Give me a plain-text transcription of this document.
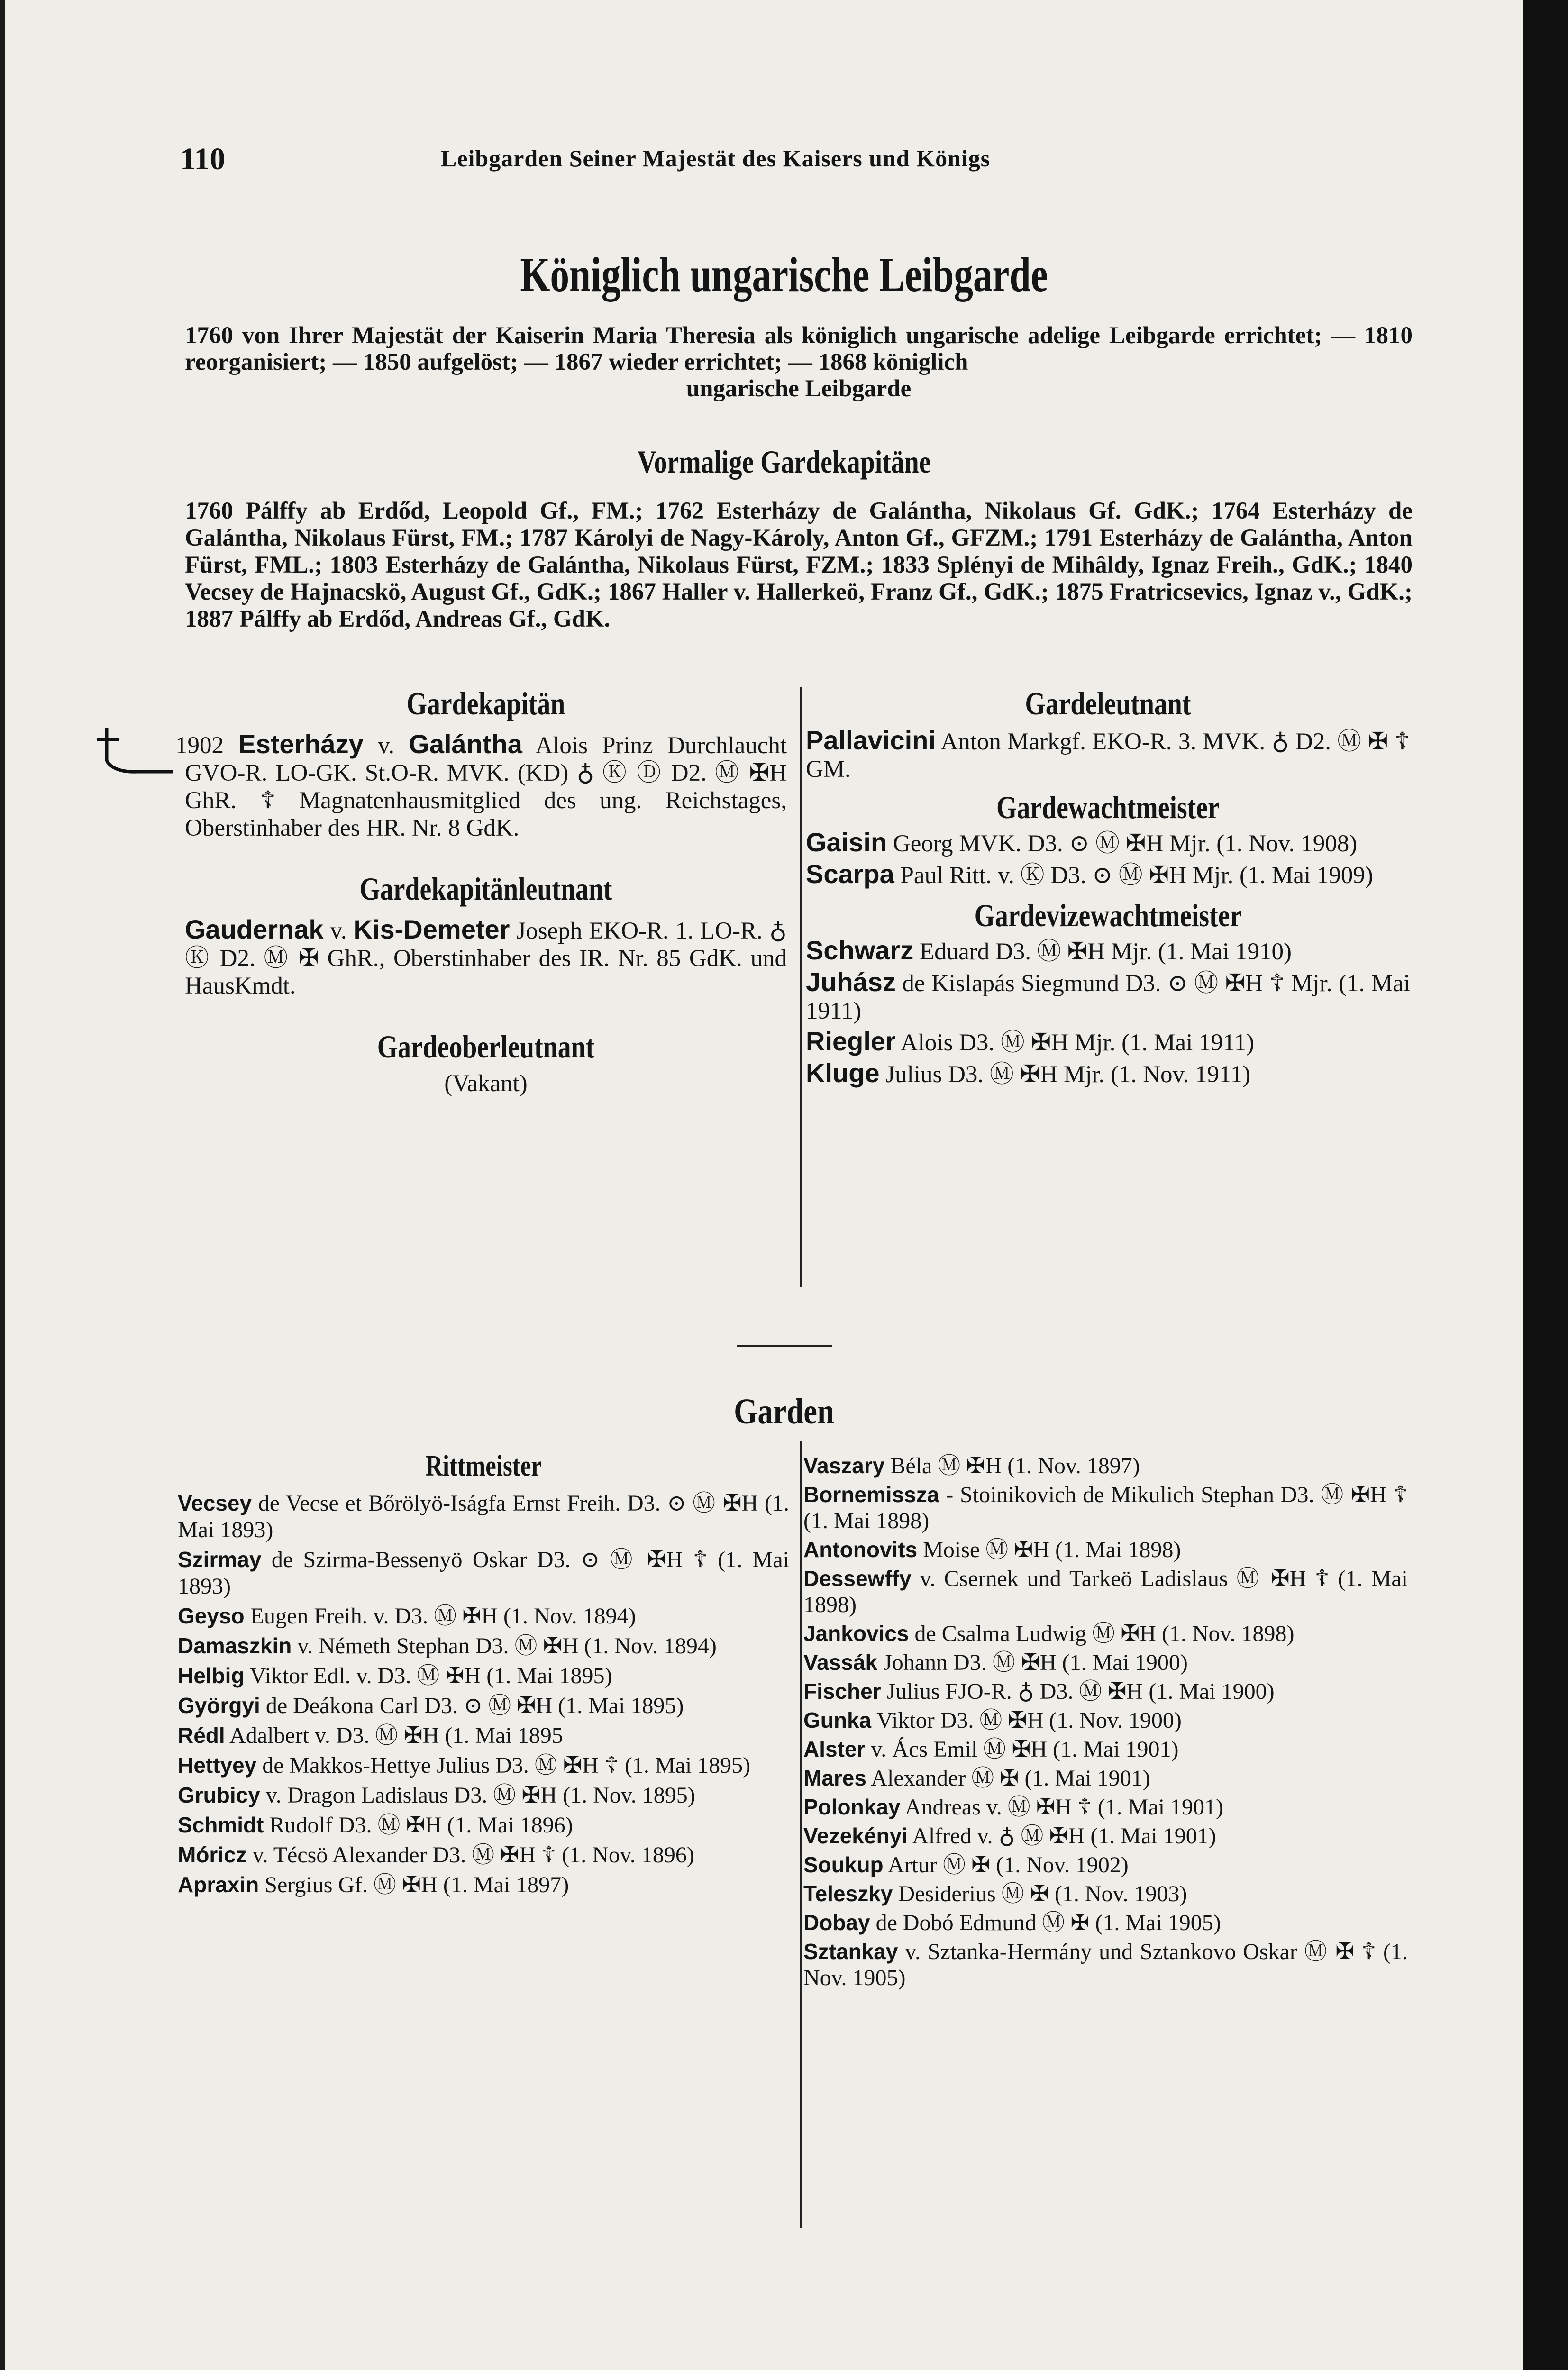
110	Leibgarden Seiner Majestät des Kaisers und Königs
Königlich ungarische Leibgarde
1760 von Ihrer Majestät der Kaiserin Maria Theresia als königlich ungarische adelige Leibgarde errichtet; — 1810 reorganisiert; — 1850 aufgelöst; — 1867 wieder errichtet; — 1868 königlich
ungarische Leibgarde
Vormalige Gardekapitäne
1760 Pálffy ab Erdőd, Leopold Gf., FM.; 1762 Esterházy de Galántha, Nikolaus Gf. GdK.; 1764 Esterházy de Galántha, Nikolaus Fürst, FM.; 1787 Károlyi de Nagy-Károly, Anton Gf., GFZM.; 1791 Esterházy de Galántha, Anton Fürst, FML.; 1803 Esterházy de Galántha, Nikolaus Fürst, FZM.; 1833 Splényi de Mihâldy, Ignaz Freih., GdK.; 1840 Vecsey de Hajnacskö, August Gf., GdK.; 1867 Haller v. Hallerkeö, Franz Gf., GdK.; 1875 Fratricsevics, Ignaz v., GdK.; 1887 Pálffy ab Erdőd, Andreas Gf., GdK.
Gardekapitän

1902 Esterházy v. Galántha Alois Prinz Durchlaucht GVO-R. LO-GK. St.O-R. MVK. (KD) ♁ Ⓚ Ⓓ D2. Ⓜ ✠H GhR. ☦ Magnatenhausmitglied des ung. Reichstages, Oberstinhaber des HR. Nr. 8 GdK.

Gardekapitänleutnant

Gaudernak v. Kis-Demeter Joseph EKO-R. 1. LO-R. ♁ Ⓚ D2. Ⓜ ✠ GhR., Oberstinhaber des IR. Nr. 85 GdK. und HausKmdt.

Gardeoberleutnant
(Vakant)
Gardeleutnant

Pallavicini Anton Markgf. EKO-R. 3. MVK. ♁ D2. Ⓜ ✠ ☦ GM.

Gardewachtmeister

Gaisin Georg MVK. D3. ⊙ Ⓜ ✠H Mjr. (1. Nov. 1908)

Scarpa Paul Ritt. v. Ⓚ D3. ⊙ Ⓜ ✠H Mjr. (1. Mai 1909)

Gardevizewachtmeister

Schwarz Eduard D3. Ⓜ ✠H Mjr. (1. Mai 1910)

Juhász de Kislapás Siegmund D3. ⊙ Ⓜ ✠H ☦ Mjr. (1. Mai 1911)

Riegler Alois D3. Ⓜ ✠H Mjr. (1. Mai 1911)

Kluge Julius D3. Ⓜ ✠H Mjr. (1. Nov. 1911)

Garden
Rittmeister

Vecsey de Vecse et Bőrölyö-Iságfa Ernst Freih. D3. ⊙ Ⓜ ✠H (1. Mai 1893)

Szirmay de Szirma-Bessenyö Oskar D3. ⊙ Ⓜ ✠H ☦ (1. Mai 1893)

Geyso Eugen Freih. v. D3. Ⓜ ✠H (1. Nov. 1894)

Damaszkin v. Németh Stephan D3. Ⓜ ✠H (1. Nov. 1894)

Helbig Viktor Edl. v. D3. Ⓜ ✠H (1. Mai 1895)

Györgyi de Deákona Carl D3. ⊙ Ⓜ ✠H (1. Mai 1895)

Rédl Adalbert v. D3. Ⓜ ✠H (1. Mai 1895

Hettyey de Makkos-Hettye Julius D3. Ⓜ ✠H ☦ (1. Mai 1895)

Grubicy v. Dragon Ladislaus D3. Ⓜ ✠H (1. Nov. 1895)

Schmidt Rudolf D3. Ⓜ ✠H (1. Mai 1896)

Móricz v. Técsö Alexander D3. Ⓜ ✠H ☦ (1. Nov. 1896)

Apraxin Sergius Gf. Ⓜ ✠H (1. Mai 1897)

Vaszary Béla Ⓜ ✠H (1. Nov. 1897)

Bornemissza - Stoinikovich de Mikulich Stephan D3. Ⓜ ✠H ☦ (1. Mai 1898)

Antonovits Moise Ⓜ ✠H (1. Mai 1898)

Dessewffy v. Csernek und Tarkeö Ladislaus Ⓜ ✠H ☦ (1. Mai 1898)

Jankovics de Csalma Ludwig Ⓜ ✠H (1. Nov. 1898)

Vassák Johann D3. Ⓜ ✠H (1. Mai 1900)

Fischer Julius FJO-R. ♁ D3. Ⓜ ✠H (1. Mai 1900)

Gunka Viktor D3. Ⓜ ✠H (1. Nov. 1900)

Alster v. Ács Emil Ⓜ ✠H (1. Mai 1901)

Mares Alexander Ⓜ ✠ (1. Mai 1901)

Polonkay Andreas v. Ⓜ ✠H ☦ (1. Mai 1901)

Vezekényi Alfred v. ♁ Ⓜ ✠H (1. Mai 1901)

Soukup Artur Ⓜ ✠ (1. Nov. 1902)

Teleszky Desiderius Ⓜ ✠ (1. Nov. 1903)

Dobay de Dobó Edmund Ⓜ ✠ (1. Mai 1905)

Sztankay v. Sztanka-Hermány und Sztankovo Oskar Ⓜ ✠ ☦ (1. Nov. 1905)
